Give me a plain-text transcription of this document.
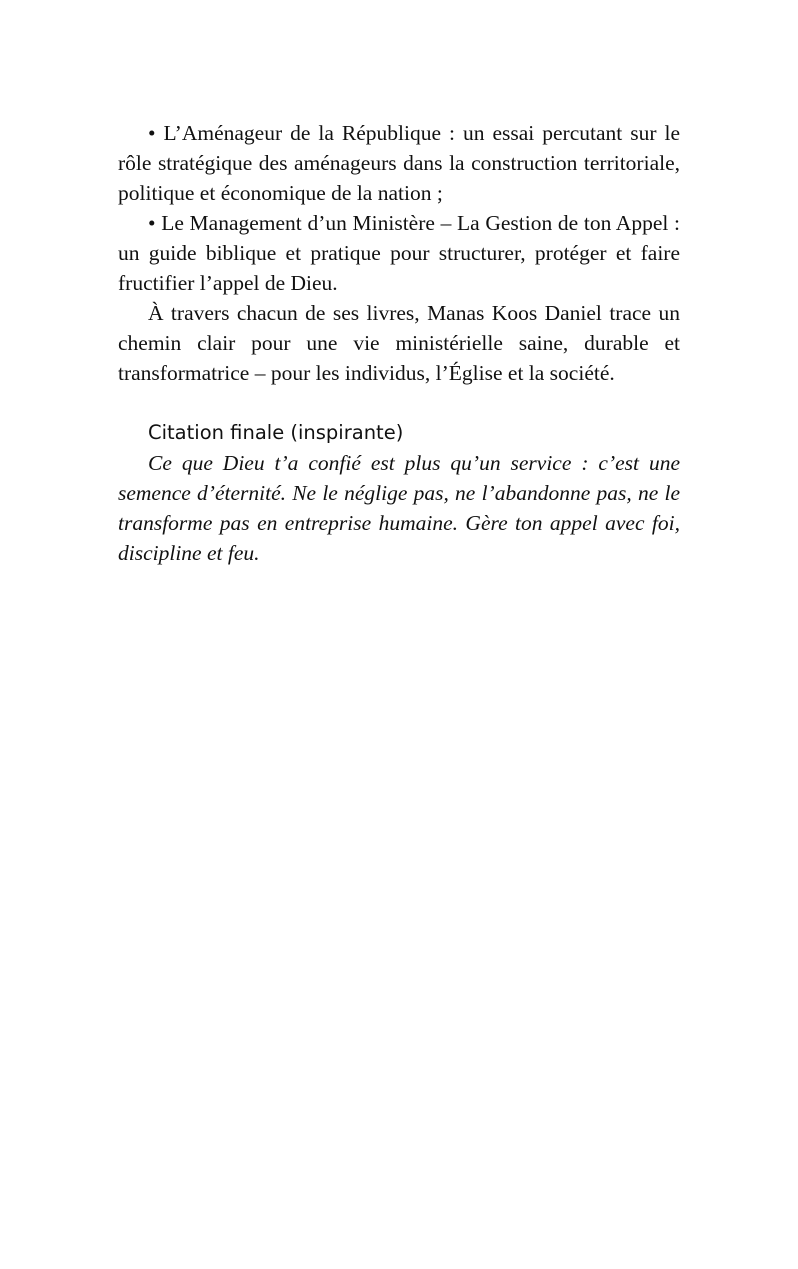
• L’Aménageur de la République : un essai percutant sur le rôle stratégique des aménageurs dans la construction territoriale, politique et économique de la nation ;

• Le Management d’un Ministère – La Gestion de ton Appel : un guide biblique et pratique pour structurer, protéger et faire fructifier l’appel de Dieu.

À travers chacun de ses livres, Manas Koos Daniel trace un chemin clair pour une vie ministérielle saine, durable et transformatrice – pour les individus, l’Église et la société.

Citation finale (inspirante)

Ce que Dieu t’a confié est plus qu’un service : c’est une semence d’éternité. Ne le néglige pas, ne l’abandonne pas, ne le transforme pas en entreprise humaine. Gère ton appel avec foi, discipline et feu.
